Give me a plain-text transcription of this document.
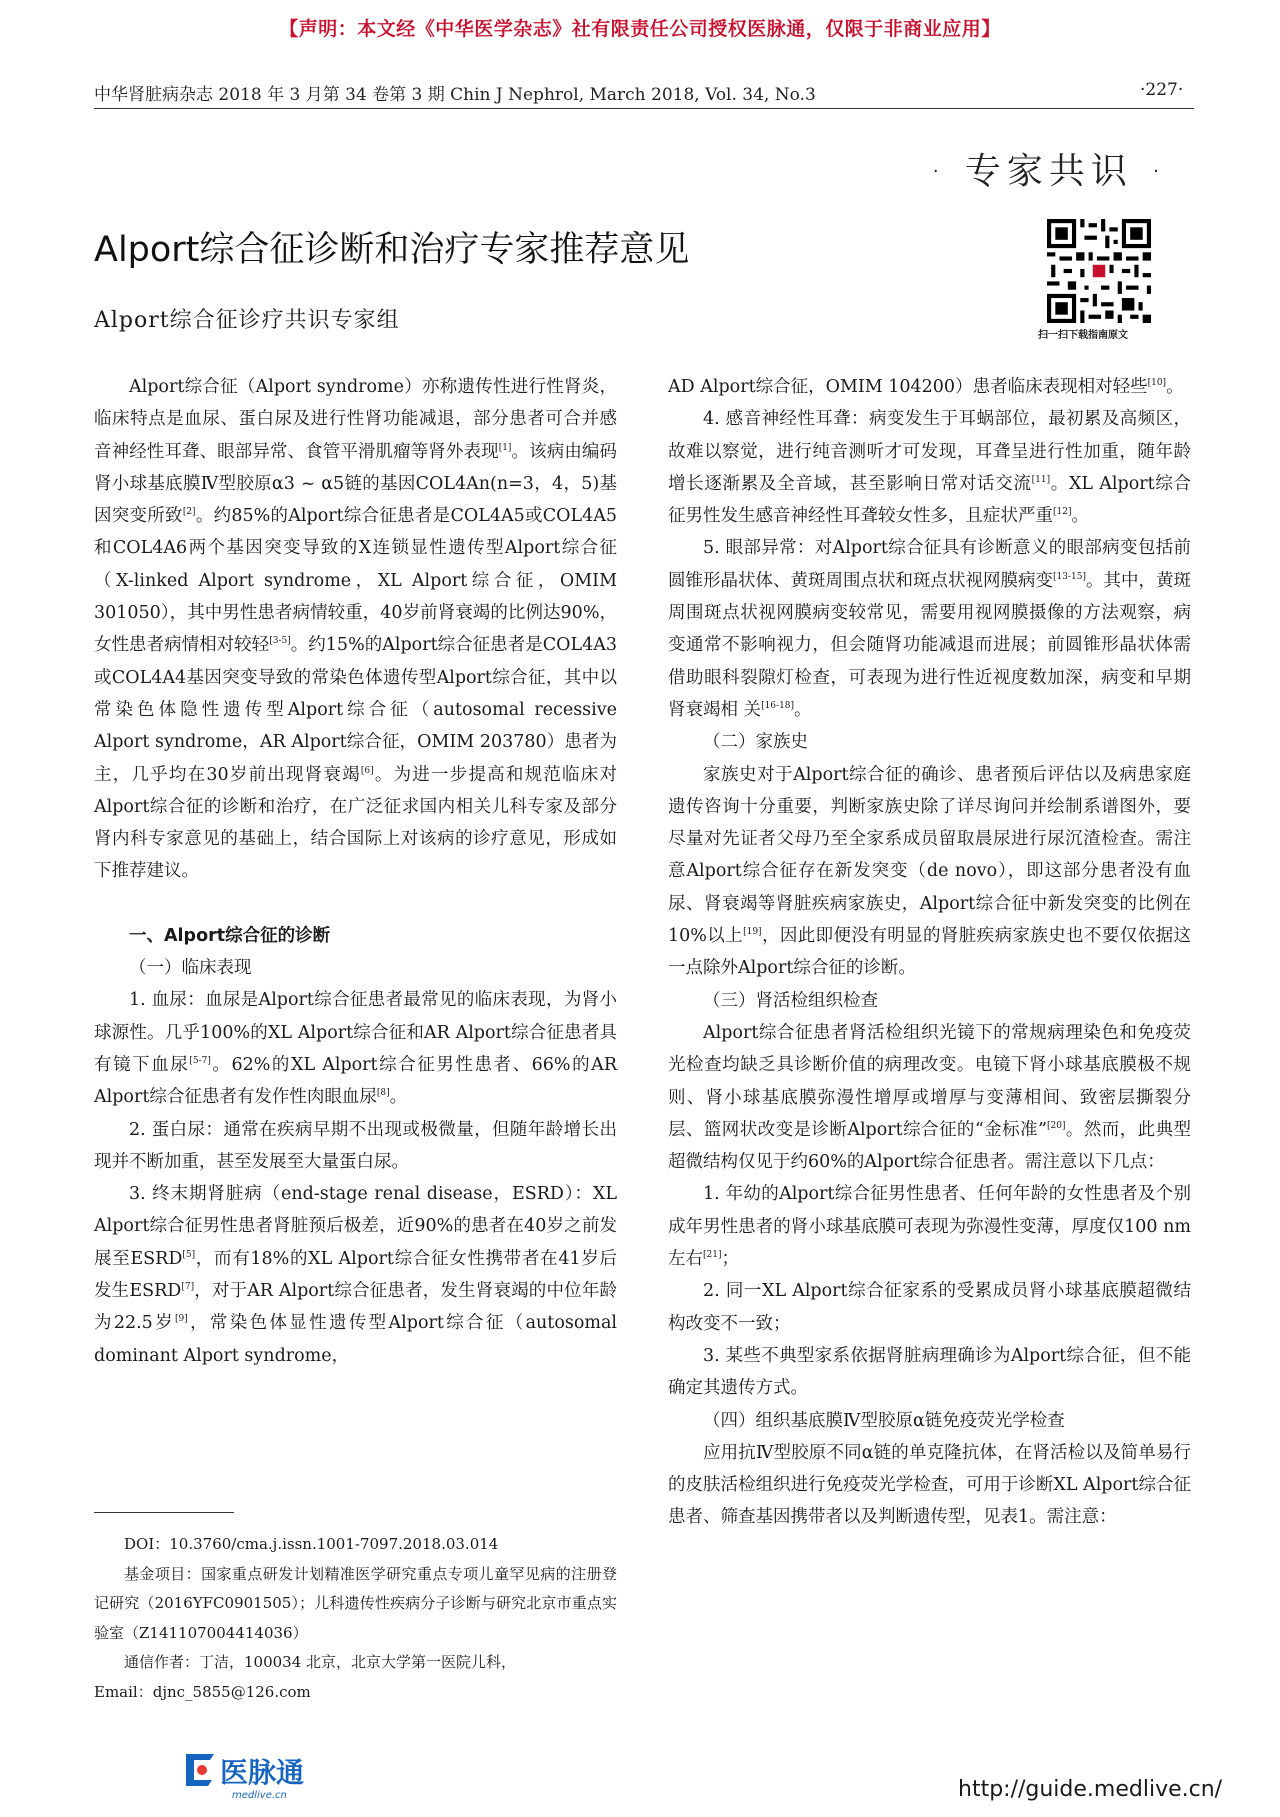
【声明：本文经《中华医学杂志》社有限责任公司授权医脉通，仅限于非商业应用】
中华肾脏病杂志 2018 年 3 月第 34 卷第 3 期 Chin J Nephrol, March 2018, Vol. 34, No.3	·227·
· 专家共识 ·
Alport综合征诊断和治疗专家推荐意见
Alport综合征诊疗共识专家组
扫一扫下载指南原文

Alport综合征（Alport syndrome）亦称遗传性进行性肾炎，临床特点是血尿、蛋白尿及进行性肾功能减退，部分患者可合并感音神经性耳聋、眼部异常、食管平滑肌瘤等肾外表现[1]。该病由编码肾小球基底膜Ⅳ型胶原α3 ~ α5链的基因COL4An(n=3，4，5)基因突变所致[2]。约85%的Alport综合征患者是COL4A5或COL4A5和COL4A6两个基因突变导致的X连锁显性遗传型Alport综合征（X-linked Alport syndrome，XL Alport综合征，OMIM 301050），其中男性患者病情较重，40岁前肾衰竭的比例达90%，女性患者病情相对较轻[3-5]。约15%的Alport综合征患者是COL4A3或COL4A4基因突变导致的常染色体遗传型Alport综合征，其中以常染色体隐性遗传型Alport综合征（autosomal recessive Alport syndrome，AR Alport综合征，OMIM 203780）患者为主，几乎均在30岁前出现肾衰竭[6]。为进一步提高和规范临床对Alport综合征的诊断和治疗，在广泛征求国内相关儿科专家及部分肾内科专家意见的基础上，结合国际上对该病的诊疗意见，形成如下推荐建议。

一、Alport综合征的诊断

（一）临床表现

1. 血尿：血尿是Alport综合征患者最常见的临床表现，为肾小球源性。几乎100%的XL Alport综合征和AR Alport综合征患者具有镜下血尿[5-7]。62%的XL Alport综合征男性患者、66%的AR Alport综合征患者有发作性肉眼血尿[8]。

2. 蛋白尿：通常在疾病早期不出现或极微量，但随年龄增长出现并不断加重，甚至发展至大量蛋白尿。

3. 终末期肾脏病（end-stage renal disease，ESRD）：XL Alport综合征男性患者肾脏预后极差，近90%的患者在40岁之前发展至ESRD[5]，而有18%的XL Alport综合征女性携带者在41岁后发生ESRD[7]，对于AR Alport综合征患者，发生肾衰竭的中位年龄为22.5岁[9]，常染色体显性遗传型Alport综合征（autosomal dominant Alport syndrome，

AD Alport综合征，OMIM 104200）患者临床表现相对轻些[10]。

4. 感音神经性耳聋：病变发生于耳蜗部位，最初累及高频区，故难以察觉，进行纯音测听才可发现，耳聋呈进行性加重，随年龄增长逐渐累及全音域，甚至影响日常对话交流[11]。XL Alport综合征男性发生感音神经性耳聋较女性多，且症状严重[12]。

5. 眼部异常：对Alport综合征具有诊断意义的眼部病变包括前圆锥形晶状体、黄斑周围点状和斑点状视网膜病变[13-15]。其中，黄斑周围斑点状视网膜病变较常见，需要用视网膜摄像的方法观察，病变通常不影响视力，但会随肾功能减退而进展；前圆锥形晶状体需借助眼科裂隙灯检查，可表现为进行性近视度数加深，病变和早期肾衰竭相 关[16-18]。

（二）家族史

家族史对于Alport综合征的确诊、患者预后评估以及病患家庭遗传咨询十分重要，判断家族史除了详尽询问并绘制系谱图外，要尽量对先证者父母乃至全家系成员留取晨尿进行尿沉渣检查。需注意Alport综合征存在新发突变（de novo），即这部分患者没有血尿、肾衰竭等肾脏疾病家族史，Alport综合征中新发突变的比例在10%以上[19]，因此即便没有明显的肾脏疾病家族史也不要仅依据这一点除外Alport综合征的诊断。

（三）肾活检组织检查

Alport综合征患者肾活检组织光镜下的常规病理染色和免疫荧光检查均缺乏具诊断价值的病理改变。电镜下肾小球基底膜极不规则、肾小球基底膜弥漫性增厚或增厚与变薄相间、致密层撕裂分层、篮网状改变是诊断Alport综合征的“金标准”[20]。然而，此典型超微结构仅见于约60%的Alport综合征患者。需注意以下几点：

1. 年幼的Alport综合征男性患者、任何年龄的女性患者及个别成年男性患者的肾小球基底膜可表现为弥漫性变薄，厚度仅100 nm左右[21]；

2. 同一XL Alport综合征家系的受累成员肾小球基底膜超微结构改变不一致；

3. 某些不典型家系依据肾脏病理确诊为Alport综合征，但不能确定其遗传方式。

（四）组织基底膜Ⅳ型胶原α链免疫荧光学检查

应用抗Ⅳ型胶原不同α链的单克隆抗体，在肾活检以及简单易行的皮肤活检组织进行免疫荧光学检查，可用于诊断XL Alport综合征患者、筛查基因携带者以及判断遗传型，见表1。需注意：

DOI：10.3760/cma.j.issn.1001-7097.2018.03.014

基金项目：国家重点研发计划精准医学研究重点专项儿童罕见病的注册登记研究（2016YFC0901505）；儿科遗传性疾病分子诊断与研究北京市重点实验室（Z141107004414036）

通信作者：丁洁，100034 北京，北京大学第一医院儿科，

Email：djnc_5855@126.com

医脉通
medlive.cn	http://guide.medlive.cn/
